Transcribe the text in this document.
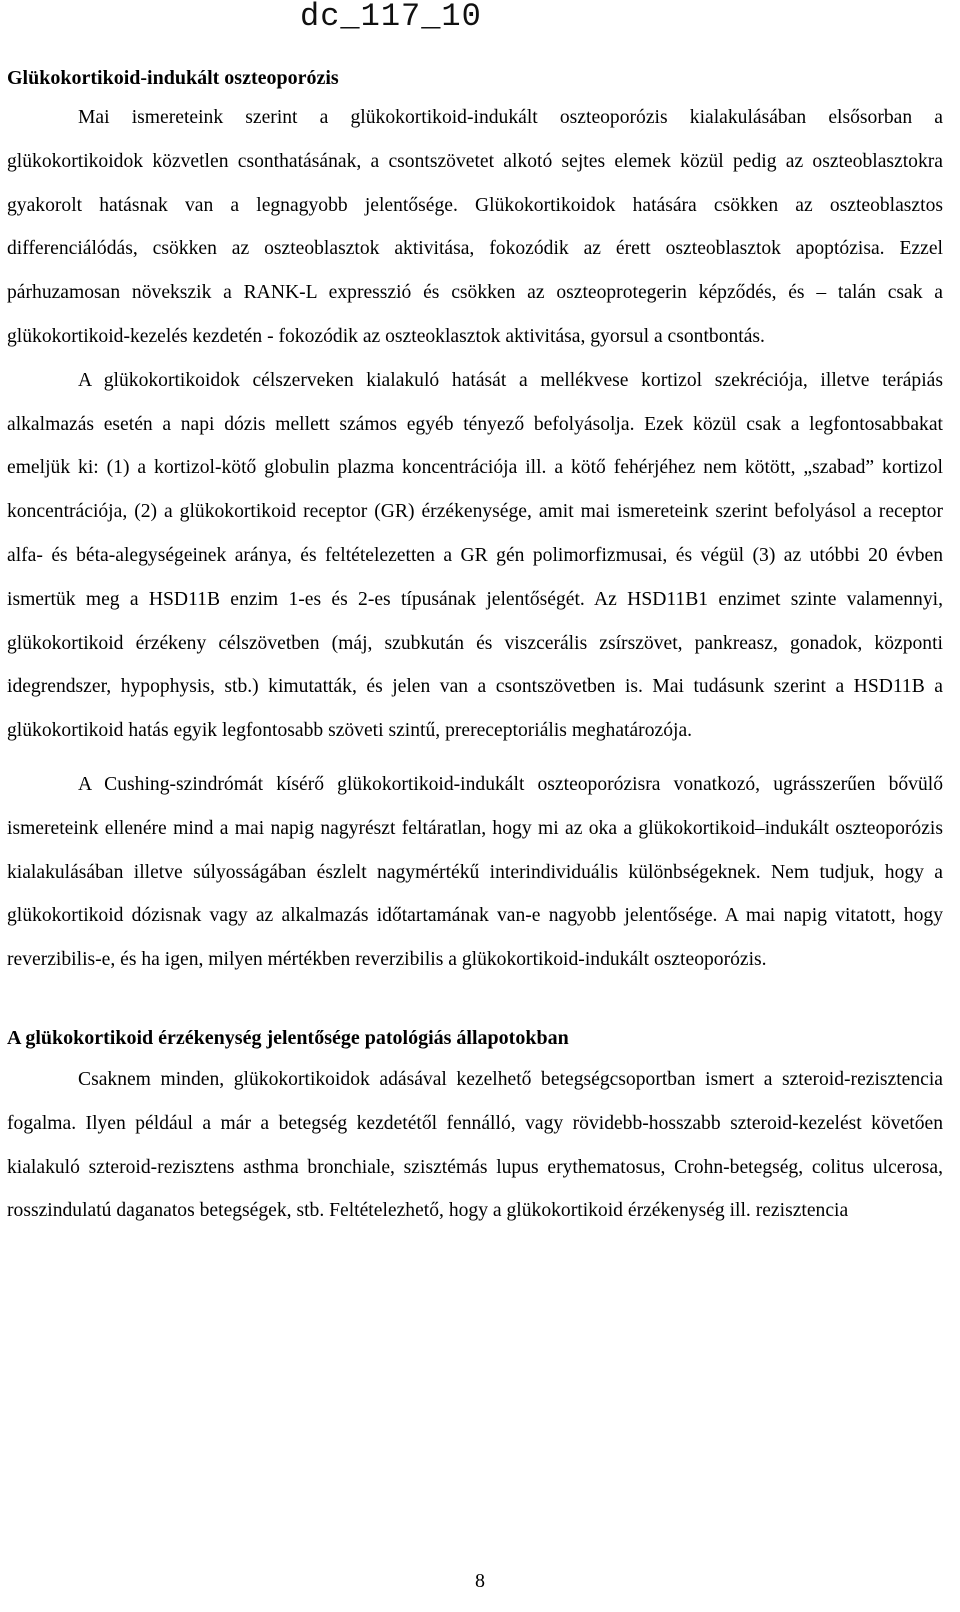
dc_117_10
Glükokortikoid-indukált oszteoporózis

Mai ismereteink szerint a glükokortikoid-indukált oszteoporózis kialakulásában elsősorban a glükokortikoidok közvetlen csonthatásának, a csontszövetet alkotó sejtes elemek közül pedig az oszteoblasztokra gyakorolt hatásnak van a legnagyobb jelentősége. Glükokortikoidok hatására csökken az oszteoblasztos differenciálódás, csökken az oszteoblasztok aktivitása, fokozódik az érett oszteoblasztok apoptózisa. Ezzel párhuzamosan növekszik a RANK-L expresszió és csökken az oszteoprotegerin képződés, és – talán csak a glükokortikoid-kezelés kezdetén - fokozódik az oszteoklasztok aktivitása, gyorsul a csontbontás.

A glükokortikoidok célszerveken kialakuló hatását a mellékvese kortizol szekréciója, illetve terápiás alkalmazás esetén a napi dózis mellett számos egyéb tényező befolyásolja. Ezek közül csak a legfontosabbakat emeljük ki: (1) a kortizol-kötő globulin plazma koncentrációja ill. a kötő fehérjéhez nem kötött, „szabad” kortizol koncentrációja, (2) a glükokortikoid receptor (GR) érzékenysége, amit mai ismereteink szerint befolyásol a receptor alfa- és béta-alegységeinek aránya, és feltételezetten a GR gén polimorfizmusai, és végül (3) az utóbbi 20 évben ismertük meg a HSD11B enzim 1-es és 2-es típusának jelentőségét. Az HSD11B1 enzimet szinte valamennyi, glükokortikoid érzékeny célszövetben (máj, szubkután és viszcerális zsírszövet, pankreasz, gonadok, központi idegrendszer, hypophysis, stb.) kimutatták, és jelen van a csontszövetben is. Mai tudásunk szerint a HSD11B a glükokortikoid hatás egyik legfontosabb szöveti szintű, prereceptoriális meghatározója.

A Cushing-szindrómát kísérő glükokortikoid-indukált oszteoporózisra vonatkozó, ugrásszerűen bővülő ismereteink ellenére mind a mai napig nagyrészt feltáratlan, hogy mi az oka a glükokortikoid–indukált oszteoporózis kialakulásában illetve súlyosságában észlelt nagymértékű interindividuális különbségeknek. Nem tudjuk, hogy a glükokortikoid dózisnak vagy az alkalmazás időtartamának van-e nagyobb jelentősége. A mai napig vitatott, hogy reverzibilis-e, és ha igen, milyen mértékben reverzibilis a glükokortikoid-indukált oszteoporózis.

A glükokortikoid érzékenység jelentősége patológiás állapotokban

Csaknem minden, glükokortikoidok adásával kezelhető betegségcsoportban ismert a szteroid-rezisztencia fogalma. Ilyen például a már a betegség kezdetétől fennálló, vagy rövidebb-hosszabb szteroid-kezelést követően kialakuló szteroid-rezisztens asthma bronchiale, szisztémás lupus erythematosus, Crohn-betegség, colitus ulcerosa, rosszindulatú daganatos betegségek, stb. Feltételezhető, hogy a glükokortikoid érzékenység ill. rezisztencia

8
